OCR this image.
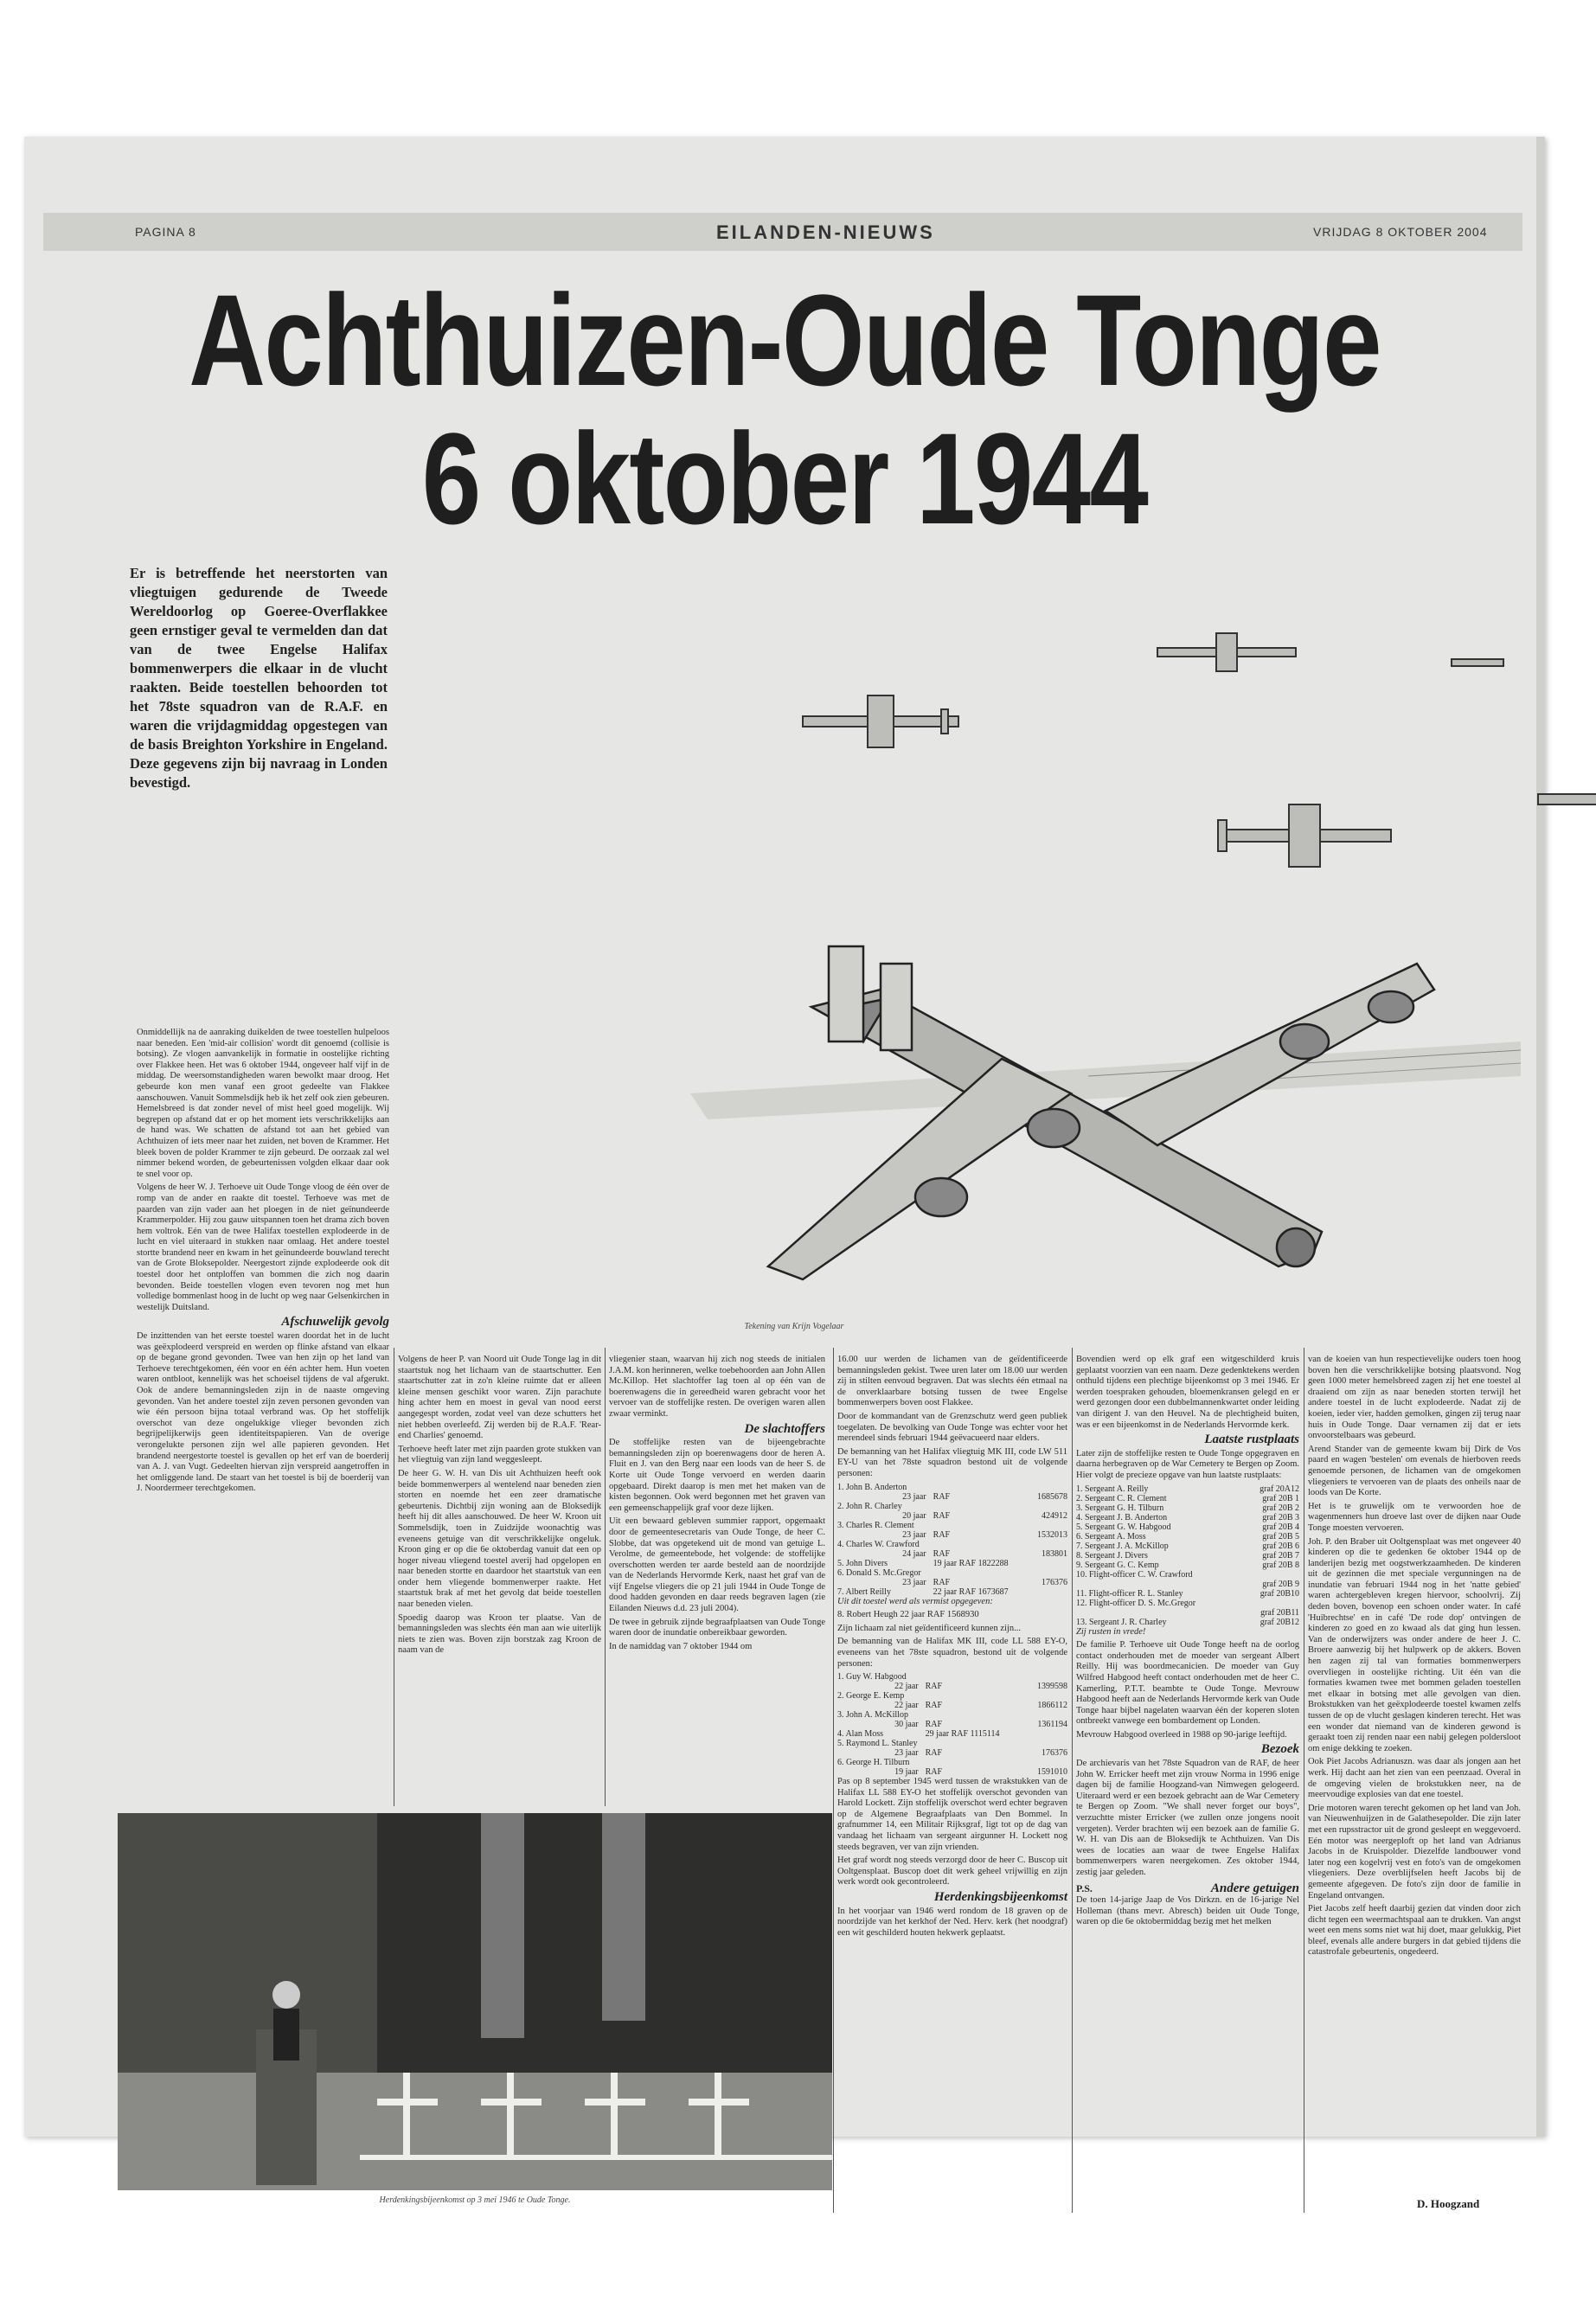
PAGINA 8	EILANDEN-NIEUWS	VRIJDAG 8 OKTOBER 2004
Achthuizen-Oude Tonge
6 oktober 1944
Er is betreffende het neerstorten van vliegtuigen gedurende de Tweede Wereldoorlog op Goeree-Overflakkee geen ernstiger geval te vermelden dan dat van de twee Engelse Halifax bommenwerpers die elkaar in de vlucht raakten. Beide toestellen behoorden tot het 78ste squadron van de R.A.F. en waren die vrijdagmiddag opgestegen van de basis Breighton Yorkshire in Engeland. Deze gegevens zijn bij navraag in Londen bevestigd.
Tekening van Krijn Vogelaar

Onmiddellijk na de aanraking duikelden de twee toestellen hulpeloos naar beneden. Een 'mid-air collision' wordt dit genoemd (collisie is botsing). Ze vlogen aanvankelijk in formatie in oostelijke richting over Flakkee heen. Het was 6 oktober 1944, ongeveer half vijf in de middag. De weersomstandigheden waren bewolkt maar droog. Het gebeurde kon men vanaf een groot gedeelte van Flakkee aanschouwen. Vanuit Sommelsdijk heb ik het zelf ook zien gebeuren. Hemelsbreed is dat zonder nevel of mist heel goed mogelijk. Wij begrepen op afstand dat er op het moment iets verschrikkelijks aan de hand was. We schatten de afstand tot aan het gebied van Achthuizen of iets meer naar het zuiden, net boven de Krammer. Het bleek boven de polder Krammer te zijn gebeurd. De oorzaak zal wel nimmer bekend worden, de gebeurtenissen volgden elkaar daar ook te snel voor op.

Volgens de heer W. J. Terhoeve uit Oude Tonge vloog de één over de romp van de ander en raakte dit toestel. Terhoeve was met de paarden van zijn vader aan het ploegen in de niet geïnundeerde Krammerpolder. Hij zou gauw uitspannen toen het drama zich boven hem voltrok. Eén van de twee Halifax toestellen explodeerde in de lucht en viel uiteraard in stukken naar omlaag. Het andere toestel stortte brandend neer en kwam in het geïnundeerde bouwland terecht van de Grote Bloksepolder. Neergestort zijnde explodeerde ook dit toestel door het ontploffen van bommen die zich nog daarin bevonden. Beide toestellen vlogen even tevoren nog met hun volledige bommenlast hoog in de lucht op weg naar Gelsenkirchen in westelijk Duitsland.

Afschuwelijk gevolg

De inzittenden van het eerste toestel waren doordat het in de lucht was geëxplodeerd verspreid en werden op flinke afstand van elkaar op de begane grond gevonden. Twee van hen zijn op het land van Terhoeve terechtgekomen, één voor en één achter hem. Hun voeten waren ontbloot, kennelijk was het schoeisel tijdens de val afgerukt. Ook de andere bemanningsleden zijn in de naaste omgeving gevonden. Van het andere toestel zijn zeven personen gevonden van wie één persoon bijna totaal verbrand was. Op het stoffelijk overschot van deze ongelukkige vlieger bevonden zich begrijpelijkerwijs geen identiteitspapieren. Van de overige verongelukte personen zijn wel alle papieren gevonden. Het brandend neergestorte toestel is gevallen op het erf van de boerderij van A. J. van Vugt. Gedeelten hiervan zijn verspreid aangetroffen in het omliggende land. De staart van het toestel is bij de boerderij van J. Noordermeer terechtgekomen.

Volgens de heer P. van Noord uit Oude Tonge lag in dit staartstuk nog het lichaam van de staartschutter. Een staartschutter zat in zo'n kleine ruimte dat er alleen kleine mensen geschikt voor waren. Zijn parachute hing achter hem en moest in geval van nood eerst aangegespt worden, zodat veel van deze schutters het niet hebben overleefd. Zij werden bij de R.A.F. 'Rear-end Charlies' genoemd.

Terhoeve heeft later met zijn paarden grote stukken van het vliegtuig van zijn land weggesleept.

De heer G. W. H. van Dis uit Achthuizen heeft ook beide bommenwerpers al wentelend naar beneden zien storten en noemde het een zeer dramatische gebeurtenis. Dichtbij zijn woning aan de Bloksedijk heeft hij dit alles aanschouwed. De heer W. Kroon uit Sommelsdijk, toen in Zuidzijde woonachtig was eveneens getuige van dit verschrikkelijke ongeluk. Kroon ging er op die 6e oktoberdag vanuit dat een op hoger niveau vliegend toestel averij had opgelopen en naar beneden stortte en daardoor het staartstuk van een onder hem vliegende bommenwerper raakte. Het staartstuk brak af met het gevolg dat beide toestellen naar beneden vielen.

Spoedig daarop was Kroon ter plaatse. Van de bemanningsleden was slechts één man aan wie uiterlijk niets te zien was. Boven zijn borstzak zag Kroon de naam van de

vliegenier staan, waarvan hij zich nog steeds de initialen J.A.M. kon herinneren, welke toebehoorden aan John Allen Mc.Killop. Het slachtoffer lag toen al op één van de boerenwagens die in gereedheid waren gebracht voor het vervoer van de stoffelijke resten. De overigen waren allen zwaar verminkt.

De slachtoffers

De stoffelijke resten van de bijeengebrachte bemanningsleden zijn op boerenwagens door de heren A. Fluit en J. van den Berg naar een loods van de heer S. de Korte uit Oude Tonge vervoerd en werden daarin opgebaard. Direkt daarop is men met het maken van de kisten begonnen. Ook werd begonnen met het graven van een gemeenschappelijk graf voor deze lijken.

Uit een bewaard gebleven summier rapport, opgemaakt door de gemeentesecretaris van Oude Tonge, de heer C. Slobbe, dat was opgetekend uit de mond van getuige L. Verolme, de gemeentebode, het volgende: de stoffelijke overschotten werden ter aarde besteld aan de noordzijde van de Nederlands Hervormde Kerk, naast het graf van de vijf Engelse vliegers die op 21 juli 1944 in Oude Tonge de dood hadden gevonden en daar reeds begraven lagen (zie Eilanden Nieuws d.d. 23 juli 2004).

De twee in gebruik zijnde begraafplaatsen van Oude Tonge waren door de inundatie onbereikbaar geworden.

In de namiddag van 7 oktober 1944 om

Herdenkingsbijeenkomst op 3 mei 1946 te Oude Tonge.

16.00 uur werden de lichamen van de geïdentificeerde bemanningsleden gekist. Twee uren later om 18.00 uur werden zij in stilten eenvoud begraven. Dat was slechts één etmaal na de onverklaarbare botsing tussen de twee Engelse bommenwerpers boven oost Flakkee.

Door de kommandant van de Grenzschutz werd geen publiek toegelaten. De bevolking van Oude Tonge was echter voor het merendeel sinds februari 1944 geëvacueerd naar elders.

De bemanning van het Halifax vliegtuig MK III, code LW 511 EY-U van het 78ste squadron bestond uit de volgende personen:

1. John B. Anderton		
23 jaar	RAF	1685678
2. John R. Charley		
20 jaar	RAF	424912
3. Charles R. Clement		
23 jaar	RAF	1532013
4. Charles W. Crawford		
24 jaar	RAF	183801
5. John Divers	19 jaar RAF 1822288	
6. Donald S. Mc.Gregor		
23 jaar	RAF	176376
7. Albert Reilly	22 jaar RAF 1673687	

Uit dit toestel werd als vermist opgegeven:

8. Robert Heugh 22 jaar RAF 1568930

Zijn lichaam zal niet geïdentificeerd kunnen zijn...

De bemanning van de Halifax MK III, code LL 588 EY-O, eveneens van het 78ste squadron, bestond uit de volgende personen:

1. Guy W. Habgood		
22 jaar	RAF	1399598
2. George E. Kemp		
22 jaar	RAF	1866112
3. John A. McKillop		
30 jaar	RAF	1361194
4. Alan Moss	29 jaar RAF 1115114	
5. Raymond L. Stanley		
23 jaar	RAF	176376
6. George H. Tilburn		
19 jaar	RAF	1591010

Pas op 8 september 1945 werd tussen de wrakstukken van de Halifax LL 588 EY-O het stoffelijk overschot gevonden van Harold Lockett. Zijn stoffelijk overschot werd echter begraven op de Algemene Begraafplaats van Den Bommel. In grafnummer 14, een Militair Rijksgraf, ligt tot op de dag van vandaag het lichaam van sergeant airgunner H. Lockett nog steeds begraven, ver van zijn vrienden.

Het graf wordt nog steeds verzorgd door de heer C. Buscop uit Ooltgensplaat. Buscop doet dit werk geheel vrijwillig en zijn werk wordt ook gecontroleerd.

Herdenkingsbijeenkomst

In het voorjaar van 1946 werd rondom de 18 graven op de noordzijde van het kerkhof der Ned. Herv. kerk (het noodgraf) een wit geschilderd houten hekwerk geplaatst.

Bovendien werd op elk graf een witgeschilderd kruis geplaatst voorzien van een naam. Deze gedenktekens werden onthuld tijdens een plechtige bijeenkomst op 3 mei 1946. Er werden toespraken gehouden, bloemenkransen gelegd en er werd gezongen door een dubbelmannenkwartet onder leiding van dirigent J. van den Heuvel. Na de plechtigheid buiten, was er een bijeenkomst in de Nederlands Hervormde kerk.

Laatste rustplaats

Later zijn de stoffelijke resten te Oude Tonge opgegraven en daarna herbegraven op de War Cemetery te Bergen op Zoom. Hier volgt de precieze opgave van hun laatste rustplaats:

1. Sergeant A. Reilly	graf 20A12
2. Sergeant C. R. Clement	graf 20B 1
3. Sergeant G. H. Tilburn	graf 20B 2
4. Sergeant J. B. Anderton	graf 20B 3
5. Sergeant G. W. Habgood	graf 20B 4
6. Sergeant A. Moss	graf 20B 5
7. Sergeant J. A. McKillop	graf 20B 6
8. Sergeant J. Divers	graf 20B 7
9. Sergeant G. C. Kemp	graf 20B 8
10. Flight-officer C. W. Crawford	
	graf 20B 9
11. Flight-officer R. L. Stanley	graf 20B10
12. Flight-officer D. S. Mc.Gregor	
	graf 20B11
13. Sergeant J. R. Charley	graf 20B12

Zij rusten in vrede!

De familie P. Terhoeve uit Oude Tonge heeft na de oorlog contact onderhouden met de moeder van sergeant Albert Reilly. Hij was boordmecanicien. De moeder van Guy Wilfred Habgood heeft contact onderhouden met de heer C. Kamerling, P.T.T. beambte te Oude Tonge. Mevrouw Habgood heeft aan de Nederlands Hervormde kerk van Oude Tonge haar bijbel nagelaten waarvan één der koperen sloten ontbreekt vanwege een bombardement op Londen.

Mevrouw Habgood overleed in 1988 op 90-jarige leeftijd.

Bezoek

De archievaris van het 78ste Squadron van de RAF, de heer John W. Erricker heeft met zijn vrouw Norma in 1996 enige dagen bij de familie Hoogzand-van Nimwegen gelogeerd. Uiteraard werd er een bezoek gebracht aan de War Cemetery te Bergen op Zoom. "We shall never forget our boys", verzuchtte mister Erricker (we zullen onze jongens nooit vergeten). Verder brachten wij een bezoek aan de familie G. W. H. van Dis aan de Bloksedijk te Achthuizen. Van Dis wees de locaties aan waar de twee Engelse Halifax bommenwerpers waren neergekomen. Zes oktober 1944, zestig jaar geleden.

P.S.	Andere getuigen

De toen 14-jarige Jaap de Vos Dirkzn. en de 16-jarige Nel Holleman (thans mevr. Abresch) beiden uit Oude Tonge, waren op die 6e oktobermiddag bezig met het melken

van de koeien van hun respectievelijke ouders toen hoog boven hen die verschrikkelijke botsing plaatsvond. Nog geen 1000 meter hemelsbreed zagen zij het ene toestel al draaiend om zijn as naar beneden storten terwijl het andere toestel in de lucht explodeerde. Nadat zij de koeien, ieder vier, hadden gemolken, gingen zij terug naar huis in Oude Tonge. Daar vernamen zij dat er iets onvoorstelbaars was gebeurd.

Arend Stander van de gemeente kwam bij Dirk de Vos paard en wagen 'bestelen' om evenals de hierboven reeds genoemde personen, de lichamen van de omgekomen vliegeniers te vervoeren van de plaats des onheils naar de loods van De Korte.

Het is te gruwelijk om te verwoorden hoe de wagenmenners hun droeve last over de dijken naar Oude Tonge moesten vervoeren.

Joh. P. den Braber uit Ooltgensplaat was met ongeveer 40 kinderen op die te gedenken 6e oktober 1944 op de landerijen bezig met oogstwerkzaamheden. De kinderen uit de gezinnen die met speciale vergunningen na de inundatie van februari 1944 nog in het 'natte gebied' waren achtergebleven kregen hiervoor, schoolvrij. Zij deden boven, bovenop een schoen onder water. In café 'Huibrechtse' en in café 'De rode dop' ontvingen de kinderen zo goed en zo kwaad als dat ging hun lessen. Van de onderwijzers was onder andere de heer J. C. Broere aanwezig bij het hulpwerk op de akkers. Boven hen zagen zij tal van formaties bommenwerpers overvliegen in oostelijke richting. Uit één van die formaties kwamen twee met bommen geladen toestellen met elkaar in botsing met alle gevolgen van dien. Brokstukken van het geëxplodeerde toestel kwamen zelfs tussen de op de vlucht geslagen kinderen terecht. Het was een wonder dat niemand van de kinderen gewond is geraakt toen zij renden naar een nabij gelegen poldersloot om enige dekking te zoeken.

Ook Piet Jacobs Adrianuszn. was daar als jongen aan het werk. Hij dacht aan het zien van een peenzaad. Overal in de omgeving vielen de brokstukken neer, na de meervoudige explosies van dat ene toestel.

Drie motoren waren terecht gekomen op het land van Joh. van Nieuwenhuijzen in de Galathesepolder. Die zijn later met een rupsstractor uit de grond gesleept en weggevoerd. Eén motor was neergeploft op het land van Adrianus Jacobs in de Kruispolder. Diezelfde landbouwer vond later nog een kogelvrij vest en foto's van de omgekomen vliegeniers. Deze overblijfselen heeft Jacobs bij de gemeente afgegeven. De foto's zijn door de familie in Engeland ontvangen.

Piet Jacobs zelf heeft daarbij gezien dat vinden door zich dicht tegen een weermachtspaal aan te drukken. Van angst weet een mens soms niet wat hij doet, maar gelukkig, Piet bleef, evenals alle andere burgers in dat gebied tijdens die catastrofale gebeurtenis, ongedeerd.

D. Hoogzand
